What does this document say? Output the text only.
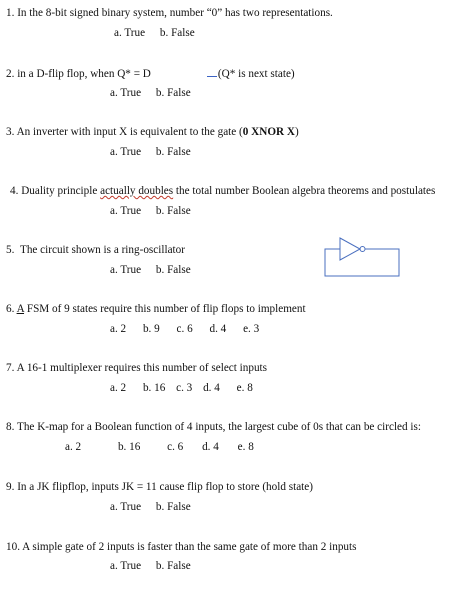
1. In the 8-bit signed binary system, number “0” has two representations.
a. True b. False
2. in a D-flip flop, when Q* = D	(Q* is next state)
a. True b. False
3. An inverter with input X is equivalent to the gate (0 XNOR X)
a. True b. False
4. Duality principle actually doubles the total number Boolean algebra theorems and postulates
a. True b. False
5.  The circuit shown is a ring-oscillator
a. True b. False
6. A FSM of 9 states require this number of flip flops to implement
a. 2 b. 9 c. 6 d. 4 e. 3
7. A 16-1 multiplexer requires this number of select inputs
a. 2 b. 16 c. 3 d. 4 e. 8
8. The K-map for a Boolean function of 4 inputs, the largest cube of 0s that can be circled is:
a. 2	b. 16 c. 6 d. 4 e. 8
9. In a JK flipflop, inputs JK = 11 cause flip flop to store (hold state)
a. True b. False
10. A simple gate of 2 inputs is faster than the same gate of more than 2 inputs
a. True b. False
